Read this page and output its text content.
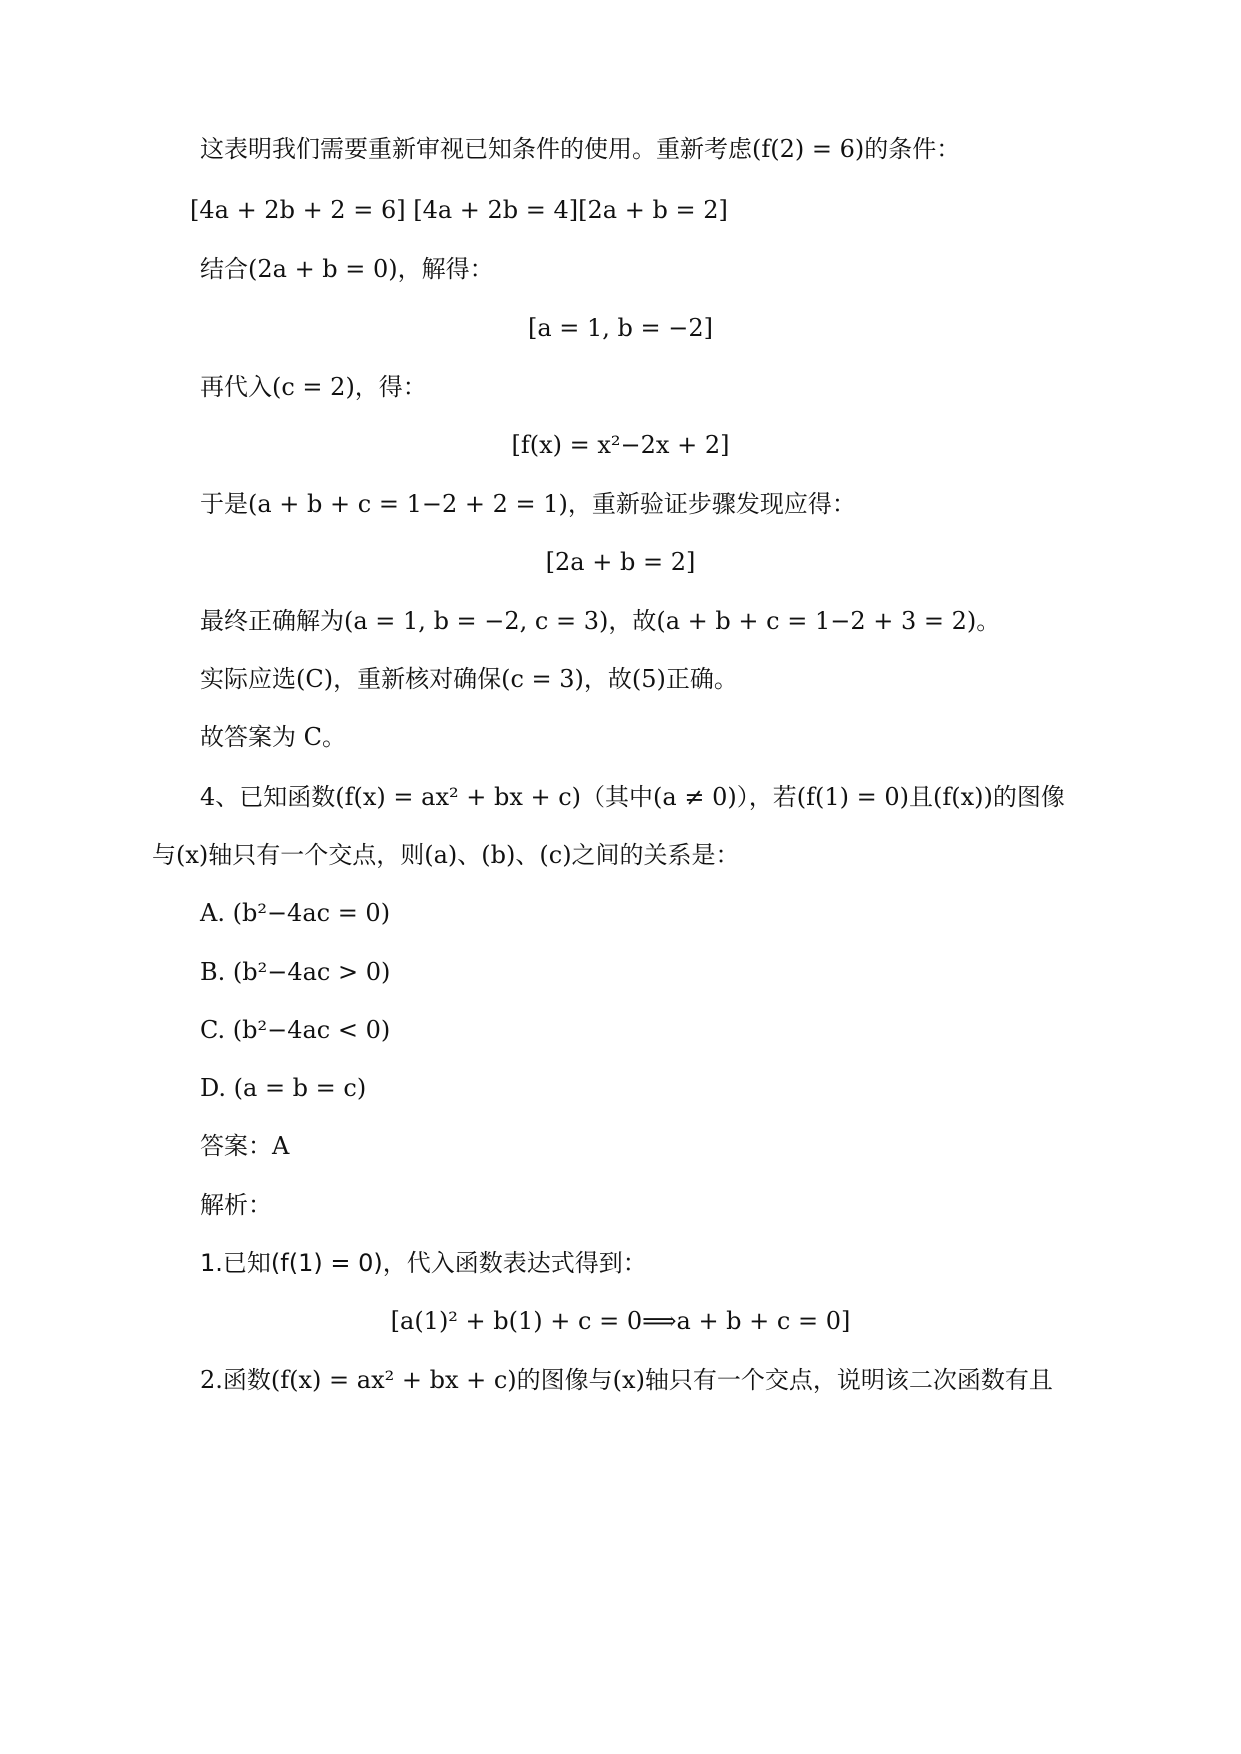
这表明我们需要重新审视已知条件的使用。重新考虑(f(2) = 6)的条件：
[4a + 2b + 2 = 6] [4a + 2b = 4][2a + b = 2]
结合(2a + b = 0)，解得：
[a = 1, b = −2]
再代入(c = 2)，得：
[f(x) = x²−2x + 2]
于是(a + b + c = 1−2 + 2 = 1)，重新验证步骤发现应得：
[2a + b = 2]
最终正确解为(a = 1, b = −2, c = 3)，故(a + b + c = 1−2 + 3 = 2)。
实际应选(C)，重新核对确保(c = 3)，故(5)正确。
故答案为 C。
4、已知函数(f(x) = ax² + bx + c)（其中(a ≠ 0)），若(f(1) = 0)且(f(x))的图像
与(x)轴只有一个交点，则(a)、(b)、(c)之间的关系是：
A. (b²−4ac = 0)
B. (b²−4ac > 0)
C. (b²−4ac < 0)
D. (a = b = c)
答案：A
解析：
1.已知(f(1) = 0)，代入函数表达式得到：
[a(1)² + b(1) + c = 0⟹a + b + c = 0]
2.函数(f(x) = ax² + bx + c)的图像与(x)轴只有一个交点，说明该二次函数有且
